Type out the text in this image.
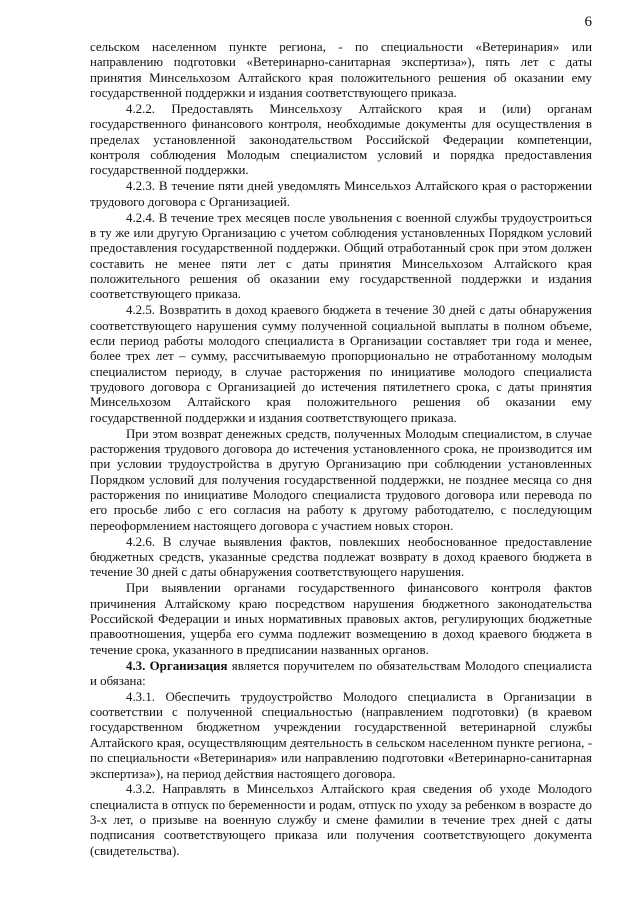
6

сельском населенном пункте региона, - по специальности «Ветеринария» или направлению подготовки «Ветеринарно-санитарная экспертиза»), пять лет с даты принятия Минсельхозом Алтайского края положительного решения об оказании ему государственной поддержки и издания соответствующего приказа.

4.2.2. Предоставлять Минсельхозу Алтайского края и (или) органам государственного финансового контроля, необходимые документы для осуществления в пределах установленной законодательством Российской Федерации компетенции, контроля соблюдения Молодым специалистом условий и порядка предоставления государственной поддержки.

4.2.3. В течение пяти дней уведомлять Минсельхоз Алтайского края о расторжении трудового договора с Организацией.

4.2.4. В течение трех месяцев после увольнения с военной службы трудоустроиться в ту же или другую Организацию с учетом соблюдения установленных Порядком условий предоставления государственной поддержки. Общий отработанный срок при этом должен составить не менее пяти лет с даты принятия Минсельхозом Алтайского края положительного решения об оказании ему государственной поддержки и издания соответствующего приказа.

4.2.5. Возвратить в доход краевого бюджета в течение 30 дней с даты обнаружения соответствующего нарушения сумму полученной социальной выплаты в полном объеме, если период работы молодого специалиста в Организации составляет три года и менее, более трех лет – сумму, рассчитываемую пропорционально не отработанному молодым специалистом периоду, в случае расторжения по инициативе молодого специалиста трудового договора с Организацией до истечения пятилетнего срока, с даты принятия Минсельхозом Алтайского края положительного решения об оказании ему государственной поддержки и издания соответствующего приказа.

При этом возврат денежных средств, полученных Молодым специалистом, в случае расторжения трудового договора до истечения установленного срока, не производится им при условии трудоустройства в другую Организацию при соблюдении установленных Порядком условий для получения государственной поддержки, не позднее месяца со дня расторжения по инициативе Молодого специалиста трудового договора или перевода по его просьбе либо с его согласия на работу к другому работодателю, с последующим переоформлением настоящего договора с участием новых сторон.

4.2.6. В случае выявления фактов, повлекших необоснованное предоставление бюджетных средств, указанные средства подлежат возврату в доход краевого бюджета в течение 30 дней с даты обнаружения соответствующего нарушения.

При выявлении органами государственного финансового контроля фактов причинения Алтайскому краю посредством нарушения бюджетного законодательства Российской Федерации и иных нормативных правовых актов, регулирующих бюджетные правоотношения, ущерба его сумма подлежит возмещению в доход краевого бюджета в течение срока, указанного в предписании названных органов.

4.3. Организация является поручителем по обязательствам Молодого специалиста и обязана:

4.3.1. Обеспечить трудоустройство Молодого специалиста в Организации в соответствии с полученной специальностью (направлением подготовки) (в краевом государственном бюджетном учреждении государственной ветеринарной службы Алтайского края, осуществляющим деятельность в сельском населенном пункте региона, - по специальности «Ветеринария» или направлению подготовки «Ветеринарно-санитарная экспертиза»), на период действия настоящего договора.

4.3.2. Направлять в Минсельхоз Алтайского края сведения об уходе Молодого специалиста в отпуск по беременности и родам, отпуск по уходу за ребенком в возрасте до 3-х лет, о призыве на военную службу и смене фамилии в течение трех дней с даты подписания соответствующего приказа или получения соответствующего документа (свидетельства).
